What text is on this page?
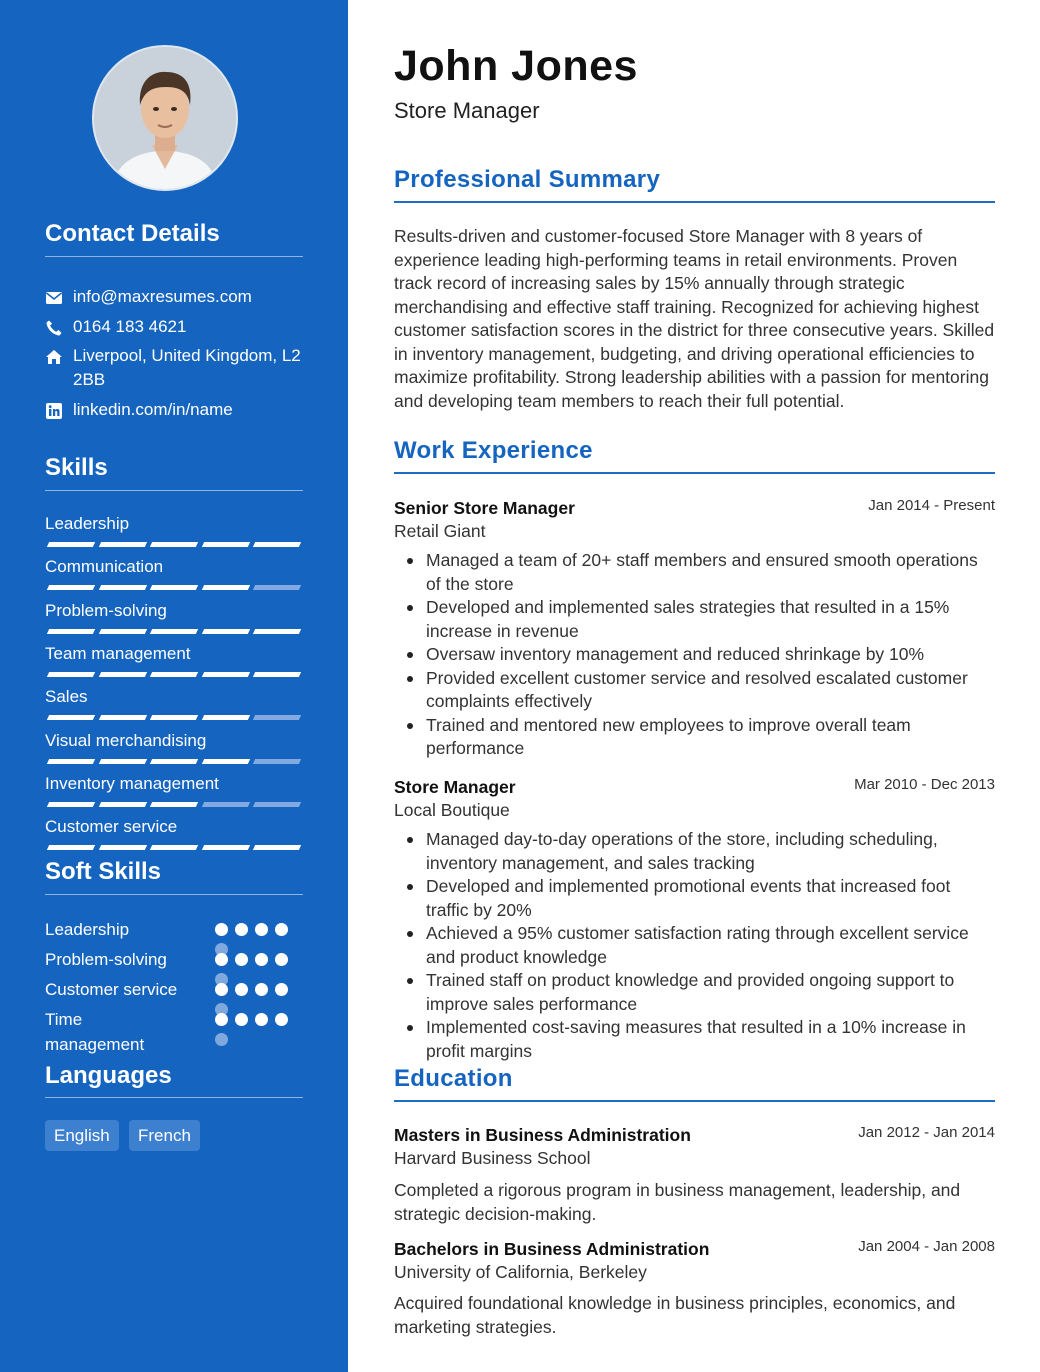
Contact Details
info@maxresumes.com
0164 183 4621
Liverpool, United Kingdom, L2 2BB
linkedin.com/in/name
Skills
Leadership
Communication
Problem-solving
Team management
Sales
Visual merchandising
Inventory management
Customer service
Soft Skills
Leadership
Problem-solving
Customer service
Time management
Languages
English	French
John Jones
Store Manager
Professional Summary
Results-driven and customer-focused Store Manager with 8 years of experience leading high-performing teams in retail environments. Proven track record of increasing sales by 15% annually through strategic merchandising and effective staff training. Recognized for achieving highest customer satisfaction scores in the district for three consecutive years. Skilled in inventory management, budgeting, and driving operational efficiencies to maximize profitability. Strong leadership abilities with a passion for mentoring and developing team members to reach their full potential.
Work Experience
Senior Store Manager	Jan 2014 - Present
Retail Giant
Managed a team of 20+ staff members and ensured smooth operations of the store
Developed and implemented sales strategies that resulted in a 15% increase in revenue
Oversaw inventory management and reduced shrinkage by 10%
Provided excellent customer service and resolved escalated customer complaints effectively
Trained and mentored new employees to improve overall team performance
Store Manager	Mar 2010 - Dec 2013
Local Boutique
Managed day-to-day operations of the store, including scheduling, inventory management, and sales tracking
Developed and implemented promotional events that increased foot traffic by 20%
Achieved a 95% customer satisfaction rating through excellent service and product knowledge
Trained staff on product knowledge and provided ongoing support to improve sales performance
Implemented cost-saving measures that resulted in a 10% increase in profit margins
Education
Masters in Business Administration	Jan 2012 - Jan 2014
Harvard Business School
Completed a rigorous program in business management, leadership, and strategic decision-making.
Bachelors in Business Administration	Jan 2004 - Jan 2008
University of California, Berkeley
Acquired foundational knowledge in business principles, economics, and marketing strategies.
